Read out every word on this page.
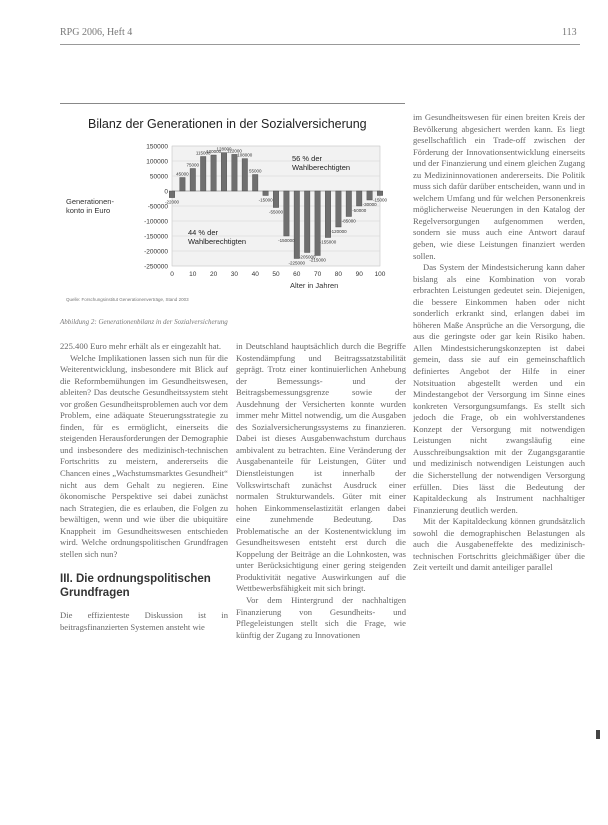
RPG 2006, Heft 4	113
Bilanz der Generationen in der Sozialversicherung
150000
100000
50000
0
-50000
-100000
-150000
-200000
-250000
0 10 20 30 40 50 60 70 80 90 100
-22000
45000
75000
115000
120000
128000
122000
108000
55000
-15000
-55000
-150000
-225000
-205000
-215000
-155000
-120000
-85000
-50000
-30000
-15000
Generationen-
konto in Euro
Alter in Jahren
56 % der
Wahlberechtigten
44 % der
Wahlberechtigten
Quelle: Forschungsinstitut Generationenverträge, Stand 2003
Abbildung 2: Generationenbilanz in der Sozialversicherung

225.400 Euro mehr erhält als er eingezahlt hat.

Welche Implikationen lassen sich nun für die Weiterentwicklung, insbesondere mit Blick auf die Reformbemühungen im Gesundheitswesen, ableiten? Das deutsche Gesundheitssystem steht vor großen Gesundheitsproblemen auch vor dem Problem, eine adäquate Steuerungsstrategie zu finden, für es ermöglicht, einerseits die steigenden Herausforderungen der Demographie und insbesondere des medizinisch-technischen Fortschritts zu meistern, andererseits die Chancen eines „Wachstumsmarktes Gesundheit“ nicht aus dem Gehalt zu negieren. Eine ökonomische Perspektive sei dabei zunächst nach Strategien, die es erlauben, die Folgen zu bewältigen, wenn und wie über die ubiquitäre Knappheit im Gesundheitswesen entschieden wird. Welche ordnungspolitischen Grundfragen stellen sich nun?

III. Die ordnungspolitischen Grundfragen

Die effizienteste Diskussion ist in beitragsfinanzierten Systemen ansteht wie

in Deutschland hauptsächlich durch die Begriffe Kostendämpfung und Beitragssatzstabilität geprägt. Trotz einer kontinuierlichen Anhebung der Bemessungs- und der Beitragsbemessungsgrenze sowie der Ausdehnung der Versicherten konnte wurden immer mehr Mittel notwendig, um die Ausgaben des Sozialversicherungssystems zu finanzieren. Dabei ist dieses Ausgabenwachstum durchaus ambivalent zu betrachten. Eine Veränderung der Ausgabenanteile für Leistungen, Güter und Dienstleistungen ist innerhalb der Volkswirtschaft zunächst Ausdruck einer normalen Strukturwandels. Güter mit einer hohen Einkommenselastizität erlangen dabei eine zunehmende Bedeutung. Das Problematische an der Kostenentwicklung im Gesundheitswesen entsteht erst durch die Koppelung der Beiträge an die Lohnkosten, was unter Berücksichtigung einer gering steigenden Produktivität negative Auswirkungen auf die Wettbewerbsfähigkeit mit sich bringt.

Vor dem Hintergrund der nachhaltigen Finanzierung von Gesundheits- und Pflegeleistungen stellt sich die Frage, wie künftig der Zugang zu Innovationen

im Gesundheitswesen für einen breiten Kreis der Bevölkerung abgesichert werden kann. Es liegt gesellschaftlich ein Trade-off zwischen der Förderung der Innovationsentwicklung einerseits und der Finanzierung und einem gleichen Zugang zu Medizininnovationen andererseits. Die Politik muss sich dafür darüber entscheiden, wann und in welchem Umfang und für welchen Personenkreis möglicherweise Neuerungen in den Katalog der Regelversorgungen aufgenommen werden, sondern sie muss auch eine Antwort darauf geben, wie diese Leistungen finanziert werden sollen.

Das System der Mindestsicherung kann daher bislang als eine Kombination von vorab erbrachten Leistungen gedeutet sein. Diejenigen, die bessere Einkommen haben oder nicht sonderlich erkrankt sind, erlangen dabei im höheren Maße Ansprüche an die Versorgung, die aus die geringste oder gar kein Risiko haben. Allen Mindestsicherungskonzepten ist dabei gemein, dass sie auf ein gemeinschaftlich definiertes Angebot der Hilfe in einer Notsituation abgestellt werden und ein Mindestangebot der Versorgung im Sinne eines konkreten Versorgungsumfangs. Es stellt sich jedoch die Frage, ob ein wohlverstandenes Konzept der Versorgung mit notwendigen Leistungen nicht zwangsläufig eine Ausschreibungsaktion mit der Zugangsgarantie und medizinisch notwendigen Leistungen auch die Sicherstellung der notwendigen Versorgung erfüllen. Dies lässt die Bedeutung der Kapitaldeckung als Instrument nachhaltiger Finanzierung deutlich werden.

Mit der Kapitaldeckung können grundsätzlich sowohl die demographischen Belastungen als auch die Ausgabeneffekte des medizinisch-technischen Fortschritts gleichmäßiger über die Zeit verteilt und damit anteiliger parallel
